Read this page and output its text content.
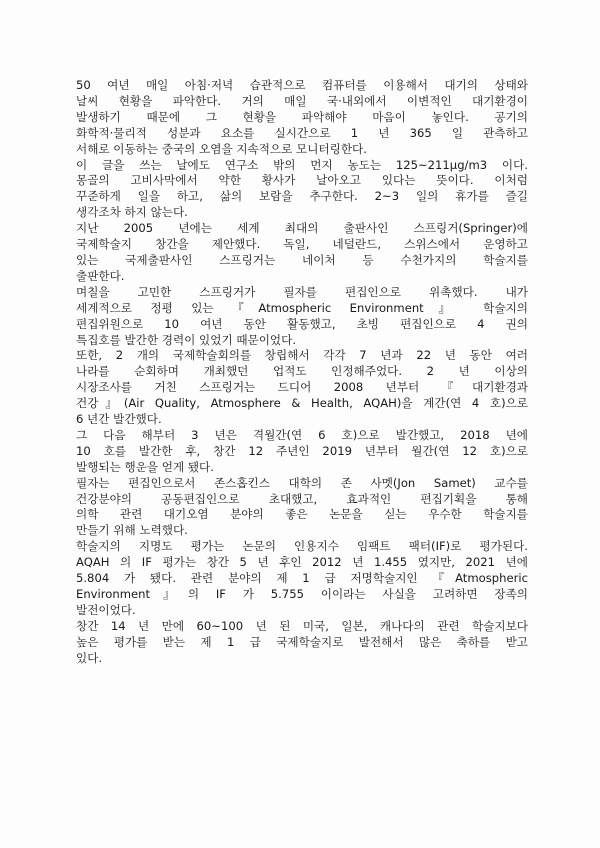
50 여년 매일 아침·저녁 습관적으로 컴퓨터를 이용해서 대기의 상태와
날씨 현황을 파악한다. 거의 매일 국·내외에서 이변적인 대기환경이
발생하기 때문에 그 현황을 파악해야 마음이 놓인다. 공기의
화학적·물리적 성분과 요소를 실시간으로 1 년 365 일 관측하고
서해로 이동하는 중국의 오염을 지속적으로 모니터링한다.
이 글을 쓰는 날에도 연구소 밖의 먼지 농도는 125~211μg/m3 이다.
몽골의 고비사막에서 약한 황사가 날아오고 있다는 뜻이다. 이처럼
꾸준하게 일을 하고, 삶의 보람을 추구한다. 2~3 일의 휴가를 즐길
생각조차 하지 않는다.
지난 2005 년에는 세계 최대의 출판사인 스프링거(Springer)에
국제학술지 창간을 제안했다. 독일, 네덜란드, 스위스에서 운영하고
있는 국제출판사인 스프링거는 네이처 등 수천가지의 학술지를
출판한다.
며칠을 고민한 스프링거가 필자를 편집인으로 위촉했다. 내가
세계적으로 정평 있는 『Atmospheric Environment』 학술지의
편집위원으로 10 여년 동안 활동했고, 초빙 편집인으로 4 권의
특집호를 발간한 경력이 있었기 때문이었다.
또한, 2 개의 국제학술회의를 창립해서 각각 7 년과 22 년 동안 여러
나라를 순회하며 개최했던 업적도 인정해주었다. 2 년 이상의
시장조사를 거친 스프링거는 드디어 2008 년부터 『대기환경과
건강』(Air Quality, Atmosphere & Health, AQAH)을 계간(연 4 호)으로
6 년간 발간했다.
그 다음 해부터 3 년은 격월간(연 6 호)으로 발간했고, 2018 년에
10 호를 발간한 후, 창간 12 주년인 2019 년부터 월간(연 12 호)으로
발행되는 행운을 얻게 됐다.
필자는 편집인으로서 존스홉킨스 대학의 존 사멧(Jon Samet) 교수를
건강분야의 공동편집인으로 초대했고, 효과적인 편집기획을 통해
의학 관련 대기오염 분야의 좋은 논문을 싣는 우수한 학술지를
만들기 위해 노력했다.
학술지의 지명도 평가는 논문의 인용지수 임팩트 팩터(IF)로 평가된다.
AQAH 의 IF 평가는 창간 5 년 후인 2012 년 1.455 였지만, 2021 년에
5.804 가 됐다. 관련 분야의 제 1 급 저명학술지인 『Atmospheric
Environment』의 IF 가 5.755 이이라는 사실을 고려하면 장족의
발전이었다.
창간 14 년 만에 60~100 년 된 미국, 일본, 캐나다의 관련 학술지보다
높은 평가를 받는 제 1 급 국제학술지로 발전해서 많은 축하를 받고
있다.
